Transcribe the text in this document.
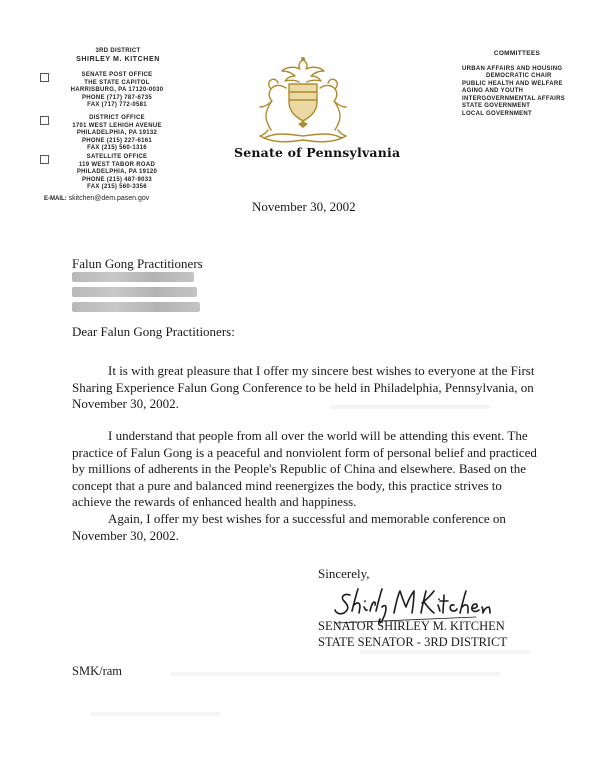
3RD DISTRICT
SHIRLEY M. KITCHEN
SENATE POST OFFICE
THE STATE CAPITOL
HARRISBURG, PA 17120-0030
PHONE (717) 787-6735
FAX (717) 772-0581
DISTRICT OFFICE
1701 WEST LEHIGH AVENUE
PHILADELPHIA, PA 19132
PHONE (215) 227-6161
FAX (215) 560-1316
SATELLITE OFFICE
119 WEST TABOR ROAD
PHILADELPHIA, PA 19120
PHONE (215) 487-9033
FAX (215) 560-3356
E-MAIL: skitchen@dem.pasen.gov
Senate of Pennsylvania
COMMITTEES
URBAN AFFAIRS AND HOUSING
DEMOCRATIC CHAIR
PUBLIC HEALTH AND WELFARE
AGING AND YOUTH
INTERGOVERNMENTAL AFFAIRS
STATE GOVERNMENT
LOCAL GOVERNMENT
November 30, 2002
Falun Gong Practitioners
Dear Falun Gong Practitioners:
It is with great pleasure that I offer my sincere best wishes to everyone at the First Sharing Experience Falun Gong Conference to be held in Philadelphia, Pennsylvania, on November 30, 2002.
I understand that people from all over the world will be attending this event. The practice of Falun Gong is a peaceful and nonviolent form of personal belief and practiced by millions of adherents in the People's Republic of China and elsewhere. Based on the concept that a pure and balanced mind reenergizes the body, this practice strives to achieve the rewards of enhanced health and happiness.
Again, I offer my best wishes for a successful and memorable conference on November 30, 2002.
Sincerely,
SENATOR SHIRLEY M. KITCHEN
STATE SENATOR - 3RD DISTRICT
SMK/ram
